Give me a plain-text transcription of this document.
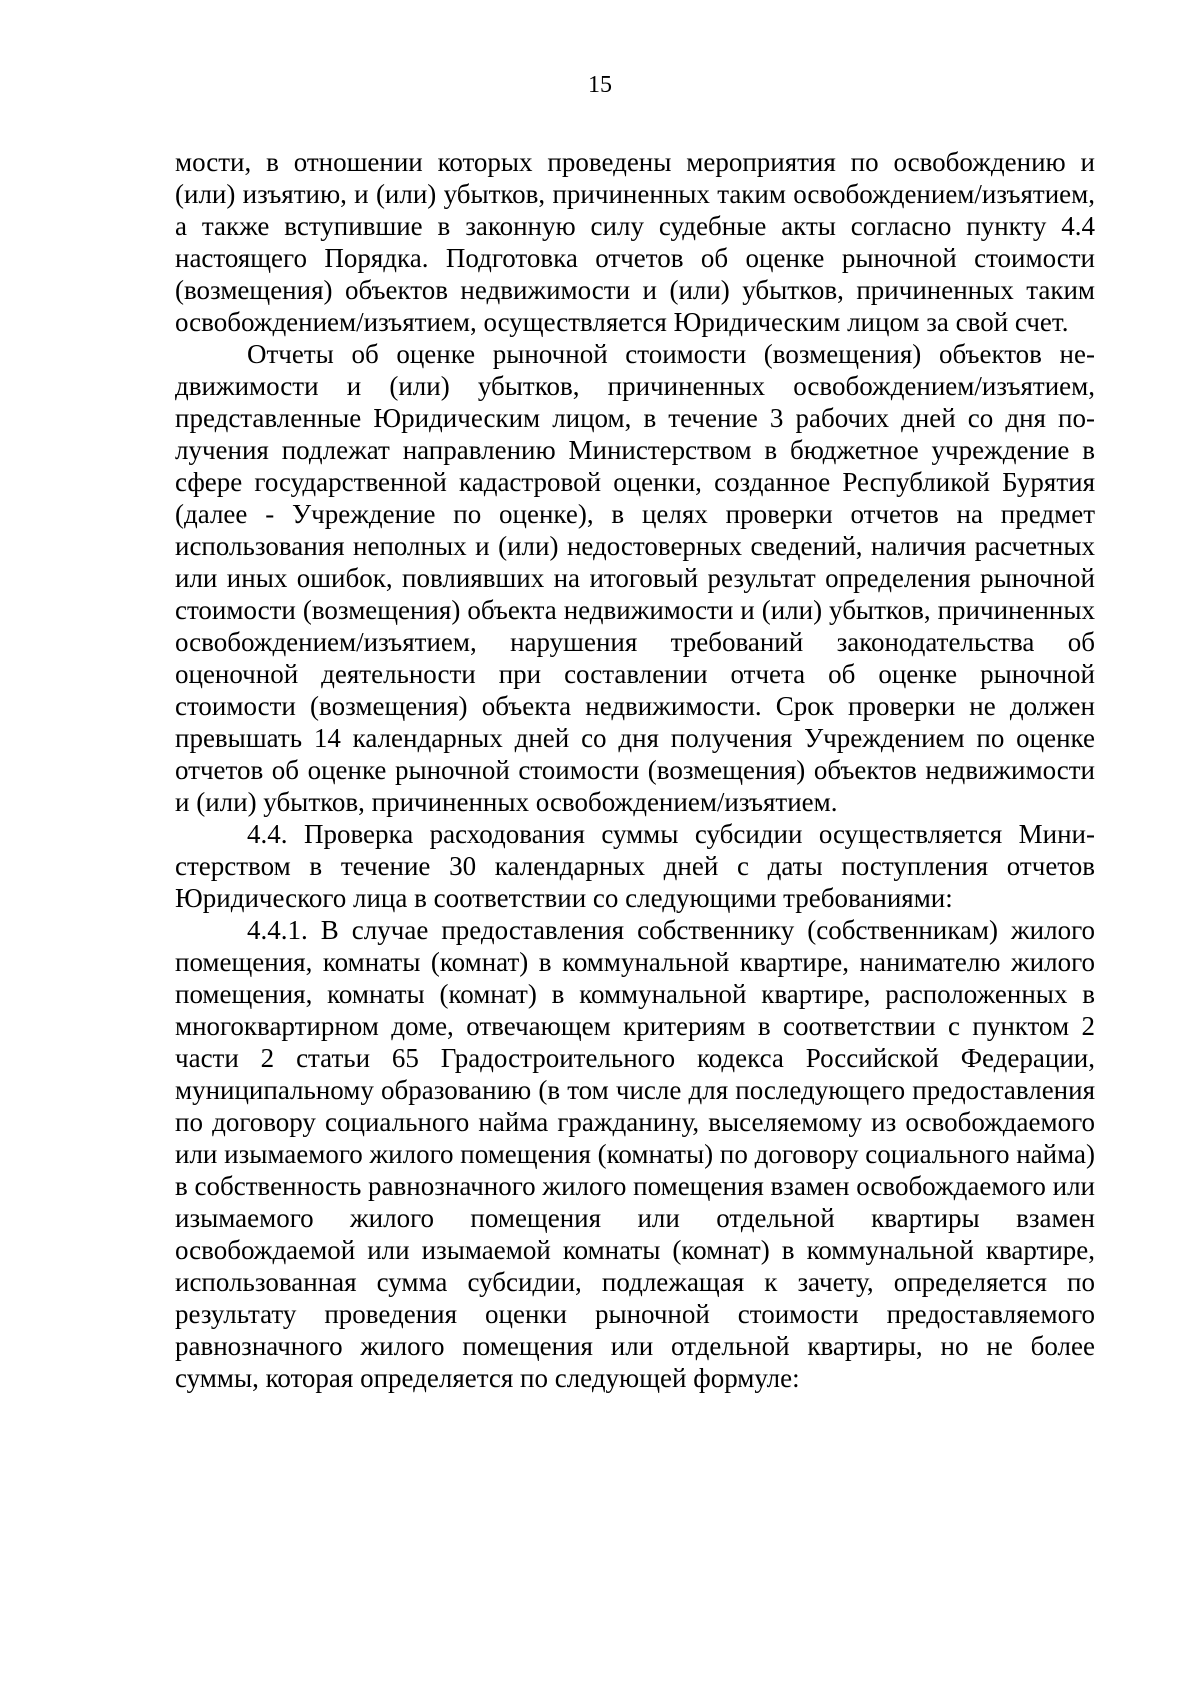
15

мости, в отношении которых проведены мероприятия по освобождению и (или) изъятию, и (или) убытков, причиненных таким освобождением/изъятием, а также вступившие в законную силу судебные акты согласно пункту 4.4 настоящего Порядка. Подготовка отчетов об оценке рыночной стоимости (возмещения) объектов недвижимости и (или) убытков, причиненных таким освобождением/изъятием, осуществляется Юридическим лицом за свой счет.

Отчеты об оценке рыночной стоимости (возмещения) объектов недвижимости и (или) убытков, причиненных освобождением/изъятием, представленные Юридическим лицом, в течение 3 рабочих дней со дня получения подлежат направлению Министерством в бюджетное учреждение в сфере государственной кадастровой оценки, созданное Республикой Бурятия (далее - Учреждение по оценке), в целях проверки отчетов на предмет использования неполных и (или) недостоверных сведений, наличия расчетных или иных ошибок, повлиявших на итоговый результат определения рыночной стоимости (возмещения) объекта недвижимости и (или) убытков, причиненных освобождением/изъятием, нарушения требований законодательства об оценочной деятельности при составлении отчета об оценке рыночной стоимости (возмещения) объекта недвижимости. Срок проверки не должен превышать 14 календарных дней со дня получения Учреждением по оценке отчетов об оценке рыночной стоимости (возмещения) объектов недвижимости и (или) убытков, причиненных освобождением/изъятием.

4.4. Проверка расходования суммы субсидии осуществляется Министерством в течение 30 календарных дней с даты поступления отчетов Юридического лица в соответствии со следующими требованиями:

4.4.1. В случае предоставления собственнику (собственникам) жилого помещения, комнаты (комнат) в коммунальной квартире, нанимателю жилого помещения, комнаты (комнат) в коммунальной квартире, расположенных в многоквартирном доме, отвечающем критериям в соответствии с пунктом 2 части 2 статьи 65 Градостроительного кодекса Российской Федерации, муниципальному образованию (в том числе для последующего предоставления по договору социального найма гражданину, выселяемому из освобождаемого или изымаемого жилого помещения (комнаты) по договору социального найма) в собственность равнозначного жилого помещения взамен освобождаемого или изымаемого жилого помещения или отдельной квартиры взамен освобождаемой или изымаемой комнаты (комнат) в коммунальной квартире, использованная сумма субсидии, подлежащая к зачету, определяется по результату проведения оценки рыночной стоимости предоставляемого равнозначного жилого помещения или отдельной квартиры, но не более суммы, которая определяется по следующей формуле:
